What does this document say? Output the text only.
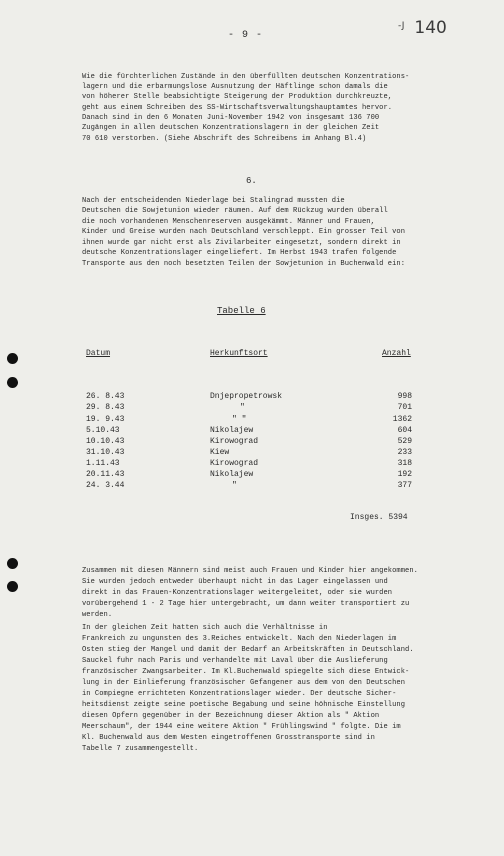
- 9 -
$^{-J}$ 140
Wie die fürchterlichen Zustände in den überfüllten deutschen Konzentrations-
lagern und die erbarmungslose Ausnutzung der Häftlinge schon damals die
von höherer Stelle beabsichtigte Steigerung der Produktion durchkreuzte,
geht aus einem Schreiben des SS-Wirtschaftsverwaltungshauptamtes hervor.
Danach sind in den 6 Monaten Juni-November 1942 von insgesamt 136 700
Zugängen in allen deutschen Konzentrationslagern in der gleichen Zeit
70 610 verstorben. (Siehe Abschrift des Schreibens im Anhang Bl.4)
6.
Nach der entscheidenden Niederlage bei Stalingrad mussten die
Deutschen die Sowjetunion wieder räumen. Auf dem Rückzug wurden überall
die noch vorhandenen Menschenreserven ausgekämmt. Männer und Frauen,
Kinder und Greise wurden nach Deutschland verschleppt. Ein grosser Teil von
ihnen wurde gar nicht erst als Zivilarbeiter eingesetzt, sondern direkt in
deutsche Konzentrationslager eingeliefert. Im Herbst 1943 trafen folgende
Transporte aus den noch besetzten Teilen der Sowjetunion in Buchenwald ein:
Tabelle 6
Datum	Herkunftsort	Anzahl
26. 8.43	Dnjepropetrowsk	998
29. 8.43	"	701
19. 9.43	" "	1362
5.10.43	Nikolajew	604
10.10.43	Kirowograd	529
31.10.43	Kiew	233
1.11.43	Kirowograd	318
20.11.43	Nikolajew	192
24. 3.44	"	377
Insges. 5394
Zusammen mit diesen Männern sind meist auch Frauen und Kinder hier angekommen.
Sie wurden jedoch entweder überhaupt nicht in das Lager eingelassen und
direkt in das Frauen-Konzentrationslager weitergeleitet, oder sie wurden
vorübergehend 1 - 2 Tage hier untergebracht, um dann weiter transportiert zu
werden.
In der gleichen Zeit hatten sich auch die Verhältnisse in
Frankreich zu ungunsten des 3.Reiches entwickelt. Nach den Niederlagen im
Osten stieg der Mangel und damit der Bedarf an Arbeitskräften in Deutschland.
Sauckel fuhr nach Paris und verhandelte mit Laval über die Auslieferung
französischer Zwangsarbeiter. Im Kl.Buchenwald spiegelte sich diese Entwick-
lung in der Einlieferung französischer Gefangener aus dem von den Deutschen
in Compiegne errichteten Konzentrationslager wieder. Der deutsche Sicher-
heitsdienst zeigte seine poetische Begabung und seine höhnische Einstellung
diesen Opfern gegenüber in der Bezeichnung dieser Aktion als " Aktion
Meerschaum", der 1944 eine weitere Aktion " Frühlingswind " folgte. Die im
Kl. Buchenwald aus dem Westen eingetroffenen Grosstransporte sind in
Tabelle 7 zusammengestellt.
